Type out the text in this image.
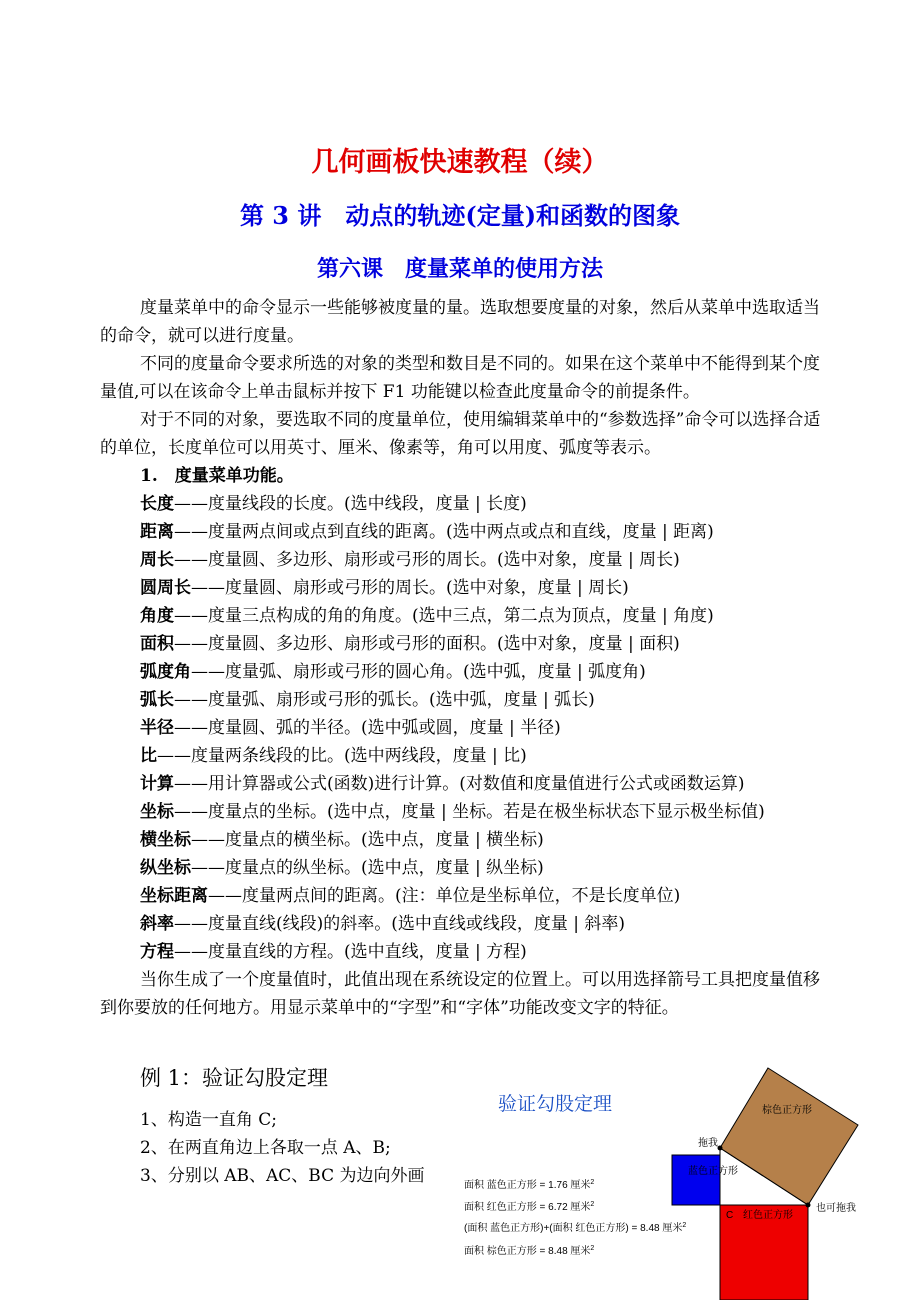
几何画板快速教程（续）
第 3 讲　动点的轨迹(定量)和函数的图象
第六课　度量菜单的使用方法

度量菜单中的命令显示一些能够被度量的量。选取想要度量的对象，然后从菜单中选取适当的命令，就可以进行度量。

不同的度量命令要求所选的对象的类型和数目是不同的。如果在这个菜单中不能得到某个度量值,可以在该命令上单击鼠标并按下 F1 功能键以检查此度量命令的前提条件。

对于不同的对象，要选取不同的度量单位，使用编辑菜单中的“参数选择”命令可以选择合适的单位，长度单位可以用英寸、厘米、像素等，角可以用度、弧度等表示。

1.　度量菜单功能。

长度——度量线段的长度。(选中线段，度量 | 长度)

距离——度量两点间或点到直线的距离。(选中两点或点和直线，度量 | 距离)

周长——度量圆、多边形、扇形或弓形的周长。(选中对象，度量 | 周长)

圆周长——度量圆、扇形或弓形的周长。(选中对象，度量 | 周长)

角度——度量三点构成的角的角度。(选中三点，第二点为顶点，度量 | 角度)

面积——度量圆、多边形、扇形或弓形的面积。(选中对象，度量 | 面积)

弧度角——度量弧、扇形或弓形的圆心角。(选中弧，度量 | 弧度角)

弧长——度量弧、扇形或弓形的弧长。(选中弧，度量 | 弧长)

半径——度量圆、弧的半径。(选中弧或圆，度量 | 半径)

比——度量两条线段的比。(选中两线段，度量 | 比)

计算——用计算器或公式(函数)进行计算。(对数值和度量值进行公式或函数运算)

坐标——度量点的坐标。(选中点，度量 | 坐标。若是在极坐标状态下显示极坐标值)

横坐标——度量点的横坐标。(选中点，度量 | 横坐标)

纵坐标——度量点的纵坐标。(选中点，度量 | 纵坐标)

坐标距离——度量两点间的距离。(注：单位是坐标单位，不是长度单位)

斜率——度量直线(线段)的斜率。(选中直线或线段，度量 | 斜率)

方程——度量直线的方程。(选中直线，度量 | 方程)

当你生成了一个度量值时，此值出现在系统设定的位置上。可以用选择箭号工具把度量值移到你要放的任何地方。用显示菜单中的“字型”和“字体”功能改变文字的特征。

例 1：验证勾股定理
1、构造一直角 C;
2、在两直角边上各取一点 A、B;
3、分别以 AB、AC、BC 为边向外画
验证勾股定理	棕色正方形
蓝色正方形
红色正方形
C
拖我
也可拖我
面积 蓝色正方形 = 1.76 厘米$^2$
面积 红色正方形 = 6.72 厘米$^2$
(面积 蓝色正方形)+(面积 红色正方形) = 8.48 厘米$^2$
面积 棕色正方形 = 8.48 厘米$^2$
